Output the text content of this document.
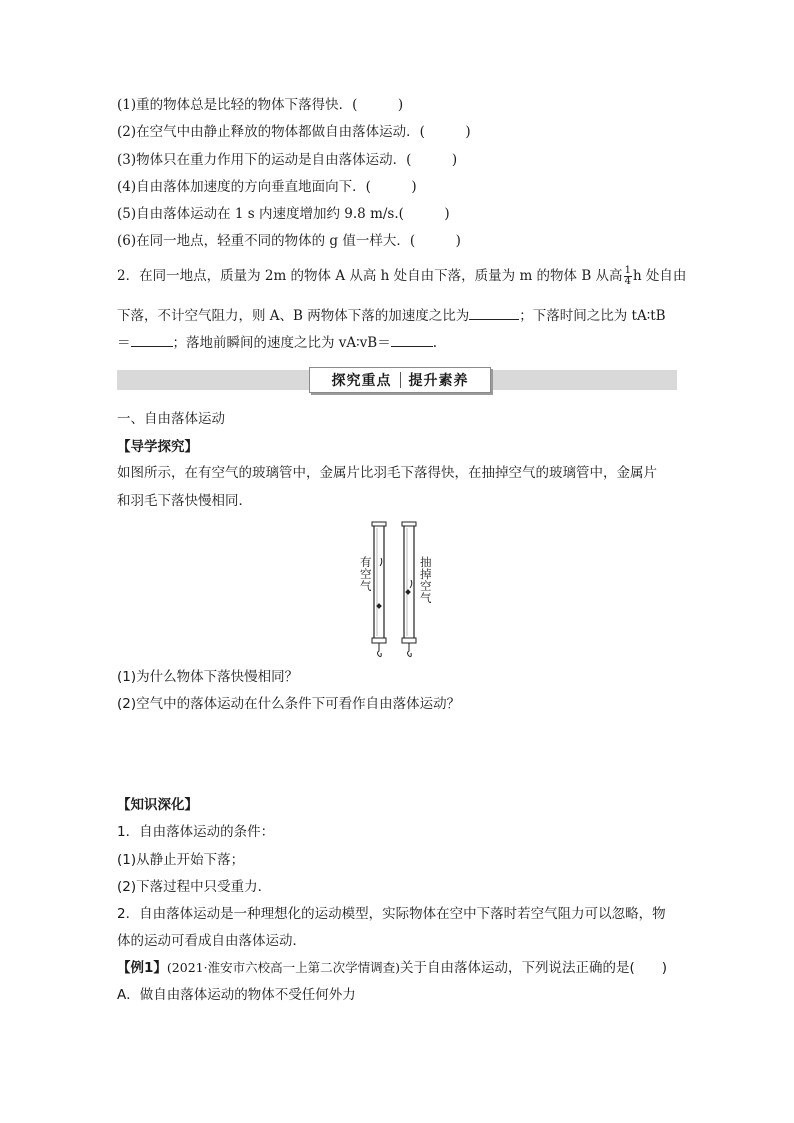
(1)重的物体总是比轻的物体下落得快．(　　　)
(2)在空气中由静止释放的物体都做自由落体运动．(　　　)
(3)物体只在重力作用下的运动是自由落体运动．(　　　)
(4)自由落体加速度的方向垂直地面向下．(　　　)
(5)自由落体运动在 1 s 内速度增加约 9.8 m/s.(　　　)
(6)在同一地点，轻重不同的物体的 g 值一样大．(　　　)
2．在同一地点，质量为 2m 的物体 A 从高 h 处自由下落，质量为 m 的物体 B 从高 $\frac{1}{4}$ h 处自由
下落，不计空气阻力，则 A、B 两物体下落的加速度之比为	；下落时间之比为 tA∶tB
＝	；落地前瞬间的速度之比为 vA∶vB＝	.
探究重点 提升素养
一、自由落体运动
【导学探究】
如图所示，在有空气的玻璃管中，金属片比羽毛下落得快，在抽掉空气的玻璃管中，金属片
和羽毛下落快慢相同．
有空气
抽掉空气
(1)为什么物体下落快慢相同？
(2)空气中的落体运动在什么条件下可看作自由落体运动？
【知识深化】
1．自由落体运动的条件：
(1)从静止开始下落；
(2)下落过程中只受重力．
2．自由落体运动是一种理想化的运动模型，实际物体在空中下落时若空气阻力可以忽略，物
体的运动可看成自由落体运动．
【例1】(2021·淮安市六校高一上第二次学情调查)关于自由落体运动，下列说法正确的是(　　)
A．做自由落体运动的物体不受任何外力
